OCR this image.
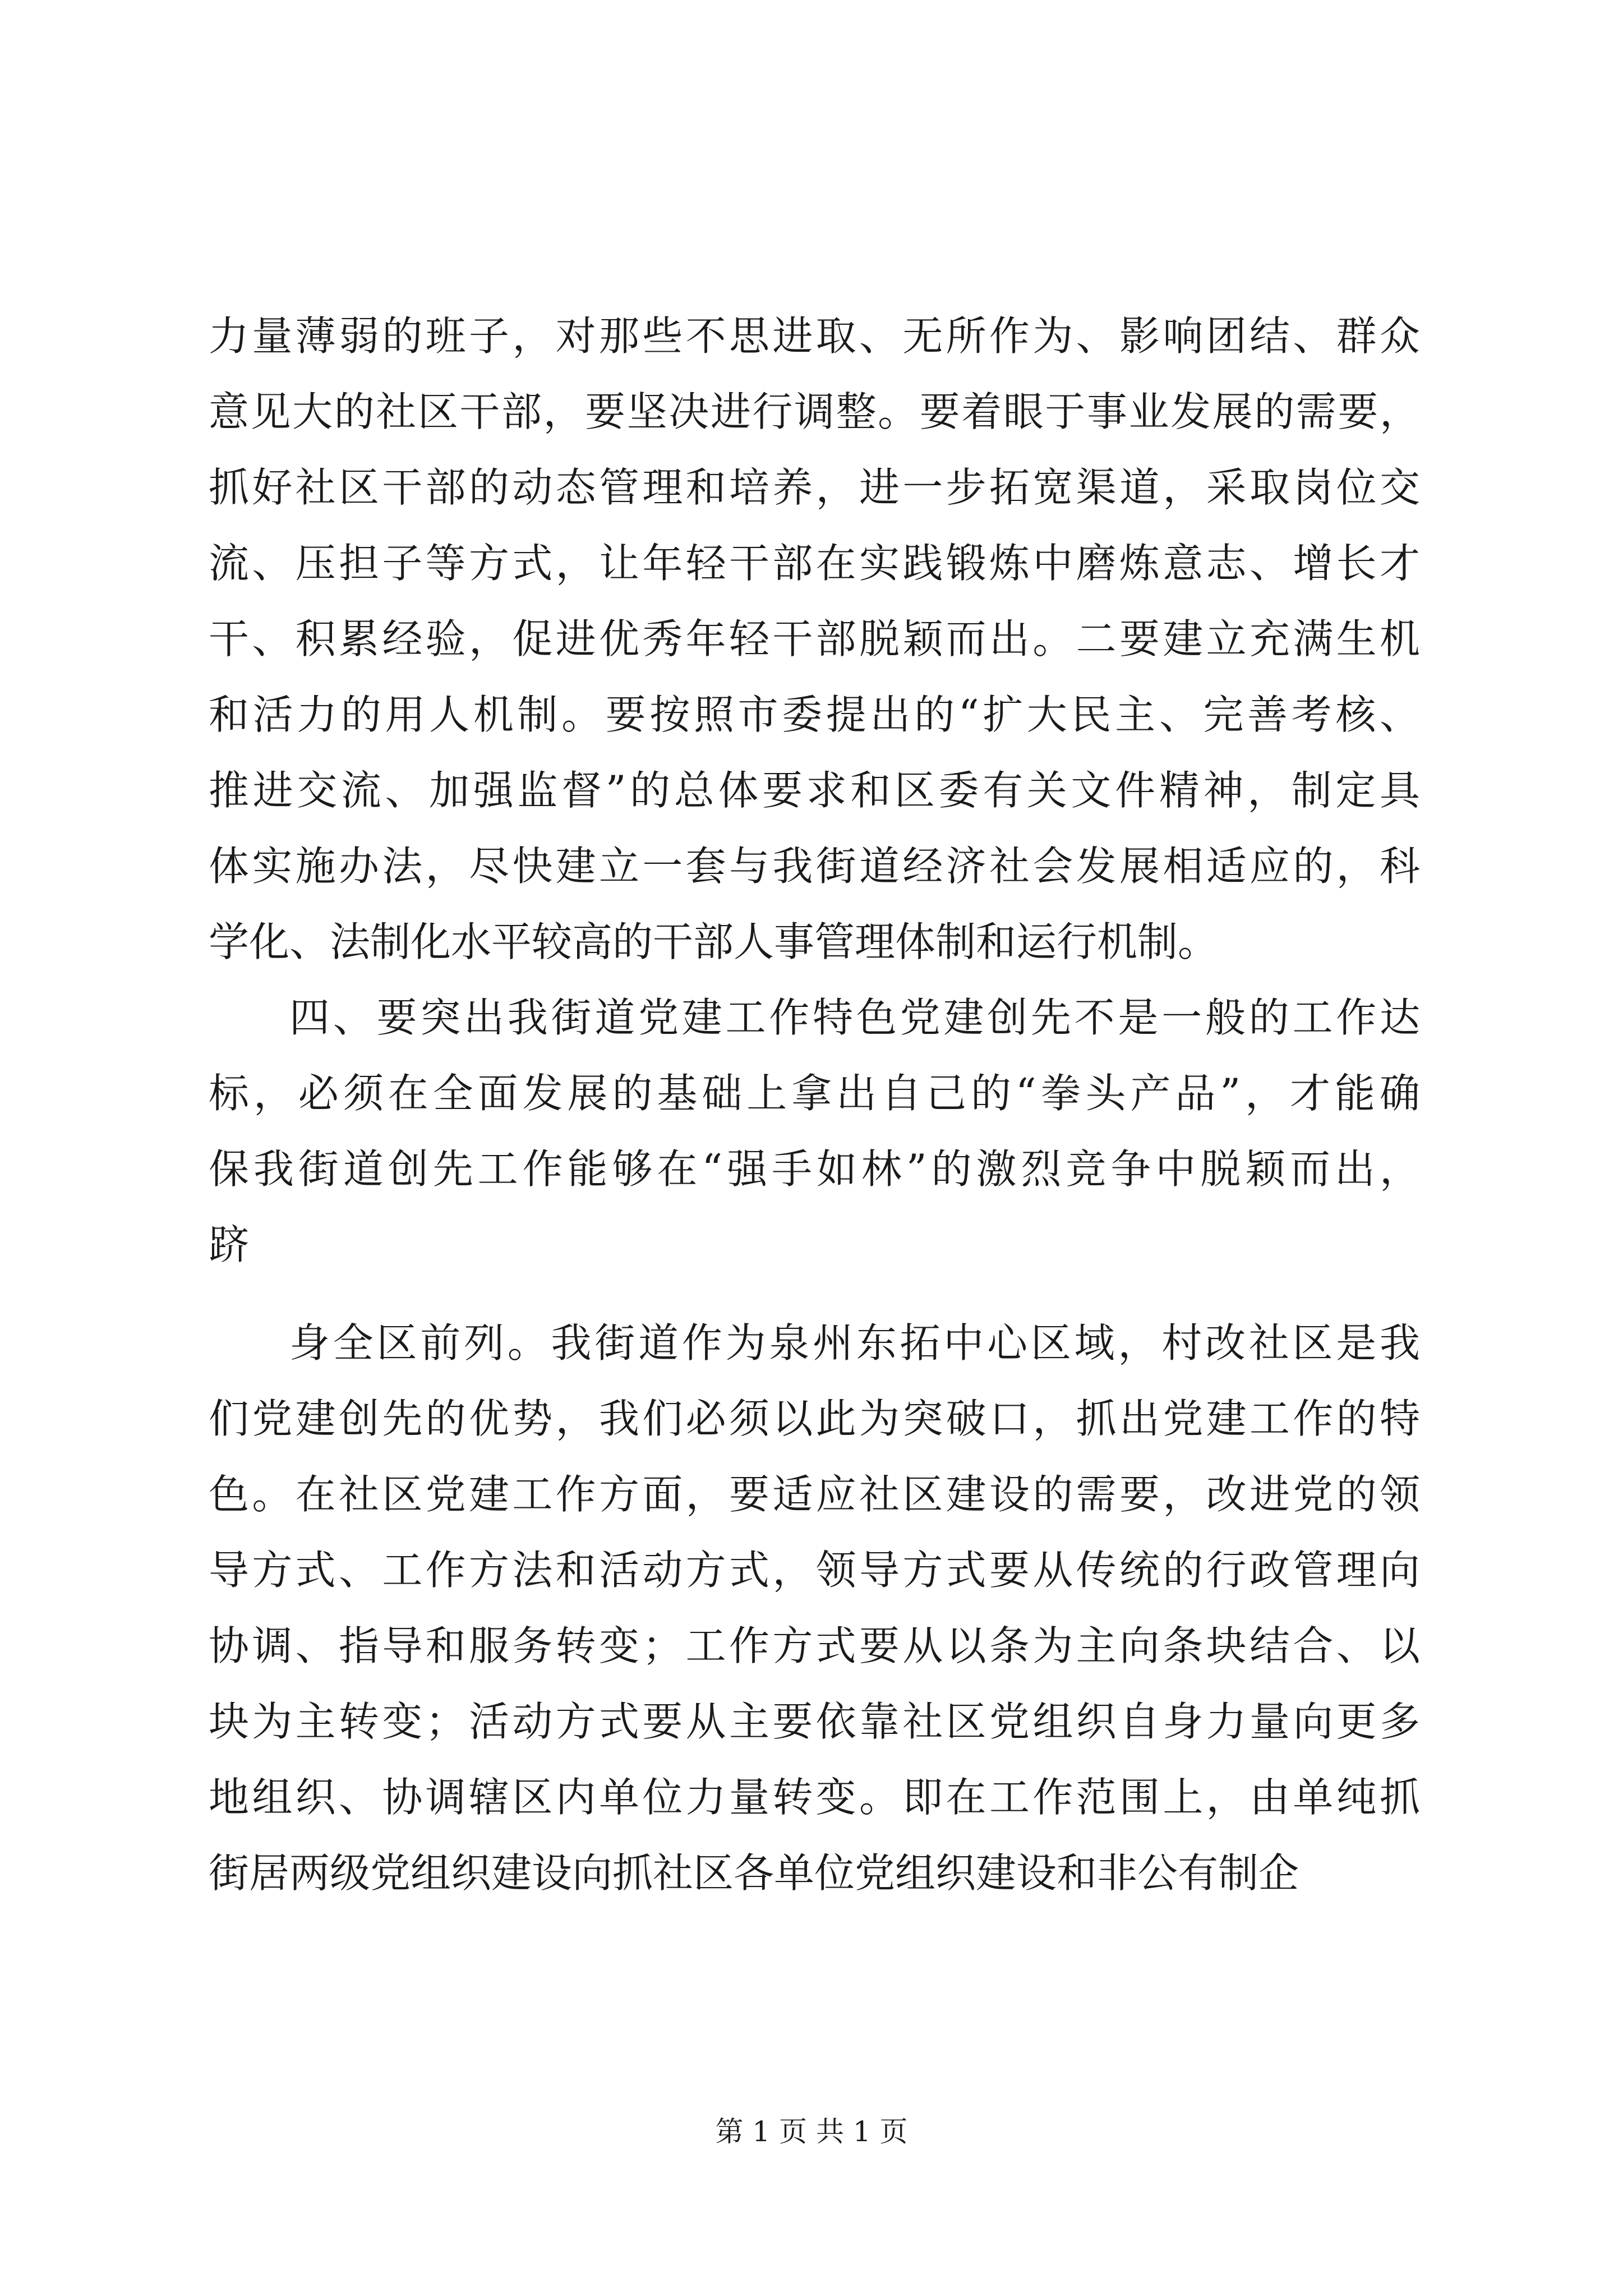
力量薄弱的班子，对那些不思进取、无所作为、影响团结、群众
意见大的社区干部，要坚决进行调整。要着眼于事业发展的需要，
抓好社区干部的动态管理和培养，进一步拓宽渠道，采取岗位交
流、压担子等方式，让年轻干部在实践锻炼中磨炼意志、增长才
干、积累经验，促进优秀年轻干部脱颖而出。二要建立充满生机
和活力的用人机制。要按照市委提出的“扩大民主、完善考核、
推进交流、加强监督”的总体要求和区委有关文件精神，制定具
体实施办法，尽快建立一套与我街道经济社会发展相适应的，科
学化、法制化水平较高的干部人事管理体制和运行机制。
四、要突出我街道党建工作特色党建创先不是一般的工作达
标，必须在全面发展的基础上拿出自己的“拳头产品”，才能确
保我街道创先工作能够在“强手如林”的激烈竞争中脱颖而出，
跻
身全区前列。我街道作为泉州东拓中心区域，村改社区是我
们党建创先的优势，我们必须以此为突破口，抓出党建工作的特
色。在社区党建工作方面，要适应社区建设的需要，改进党的领
导方式、工作方法和活动方式，领导方式要从传统的行政管理向
协调、指导和服务转变；工作方式要从以条为主向条块结合、以
块为主转变；活动方式要从主要依靠社区党组织自身力量向更多
地组织、协调辖区内单位力量转变。即在工作范围上，由单纯抓
街居两级党组织建设向抓社区各单位党组织建设和非公有制企
第 1 页 共 1 页
